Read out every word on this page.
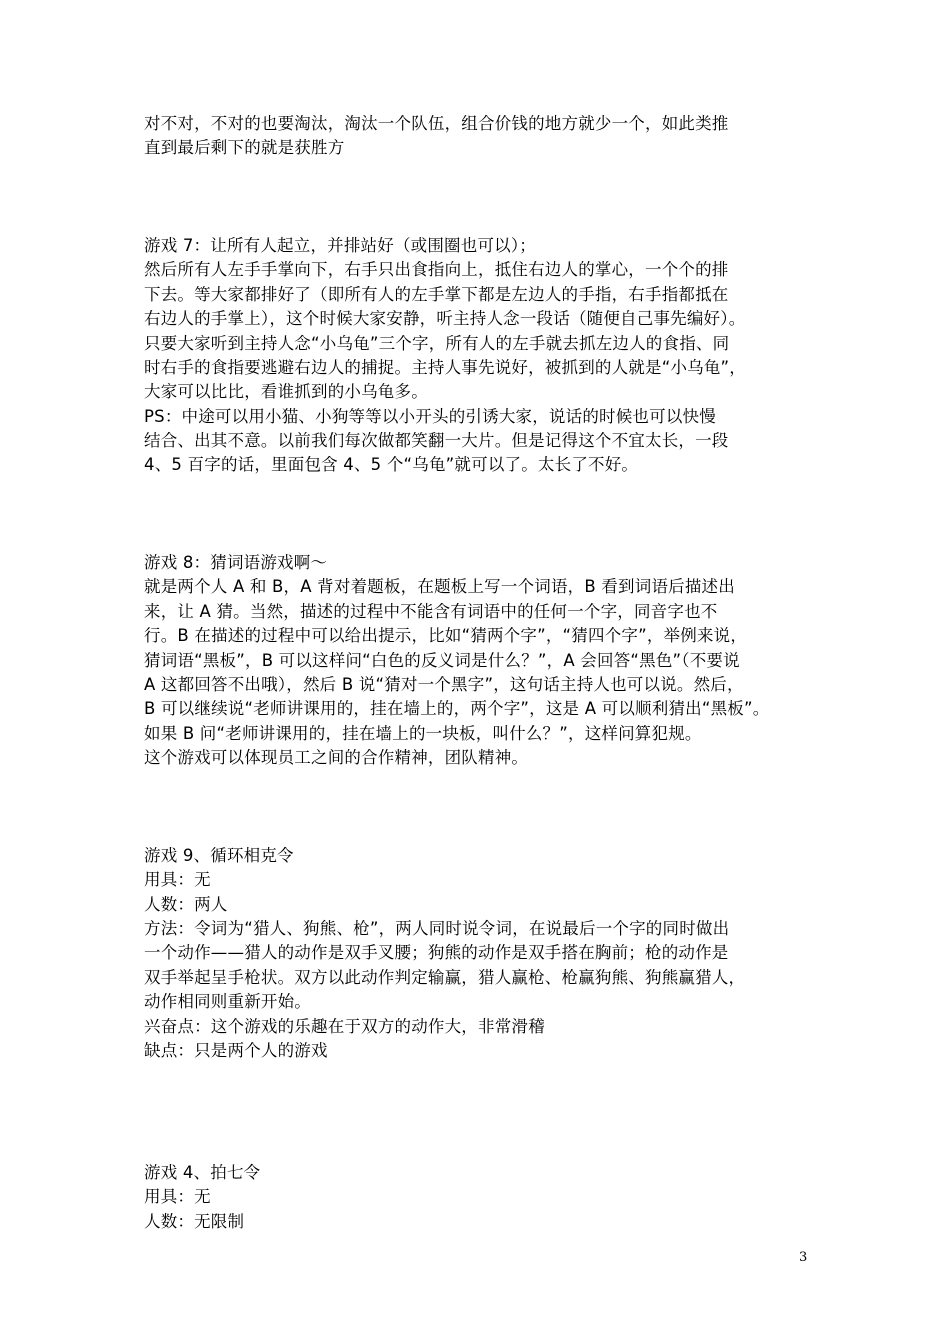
对不对，不对的也要淘汰，淘汰一个队伍，组合价钱的地方就少一个，如此类推
直到最后剩下的就是获胜方
游戏 7：让所有人起立，并排站好（或围圈也可以）；
然后所有人左手手掌向下，右手只出食指向上，抵住右边人的掌心，一个个的排
下去。等大家都排好了（即所有人的左手掌下都是左边人的手指，右手指都抵在
右边人的手掌上），这个时候大家安静，听主持人念一段话（随便自己事先编好）。
只要大家听到主持人念“小乌龟”三个字，所有人的左手就去抓左边人的食指、同
时右手的食指要逃避右边人的捕捉。主持人事先说好，被抓到的人就是“小乌龟”，
大家可以比比，看谁抓到的小乌龟多。
PS：中途可以用小猫、小狗等等以小开头的引诱大家，说话的时候也可以快慢
结合、出其不意。以前我们每次做都笑翻一大片。但是记得这个不宜太长，一段
4、5 百字的话，里面包含 4、5 个“乌龟”就可以了。太长了不好。
游戏 8：猜词语游戏啊～
就是两个人 A 和 B，A 背对着题板，在题板上写一个词语，B 看到词语后描述出
来，让 A 猜。当然，描述的过程中不能含有词语中的任何一个字，同音字也不
行。B 在描述的过程中可以给出提示，比如“猜两个字”，“猜四个字”，举例来说，
猜词语“黑板”，B 可以这样问“白色的反义词是什么？”，A 会回答“黑色”（不要说
A 这都回答不出哦），然后 B 说“猜对一个黑字”，这句话主持人也可以说。然后，
B 可以继续说“老师讲课用的，挂在墙上的，两个字”，这是 A 可以顺利猜出“黑板”。
如果 B 问“老师讲课用的，挂在墙上的一块板，叫什么？”，这样问算犯规。
这个游戏可以体现员工之间的合作精神，团队精神。
游戏 9、循环相克令
用具：无
人数：两人
方法：令词为“猎人、狗熊、枪”，两人同时说令词，在说最后一个字的同时做出
一个动作——猎人的动作是双手叉腰；狗熊的动作是双手搭在胸前；枪的动作是
双手举起呈手枪状。双方以此动作判定输赢，猎人赢枪、枪赢狗熊、狗熊赢猎人，
动作相同则重新开始。
兴奋点：这个游戏的乐趣在于双方的动作大，非常滑稽
缺点：只是两个人的游戏
游戏 4、拍七令
用具：无
人数：无限制
3
